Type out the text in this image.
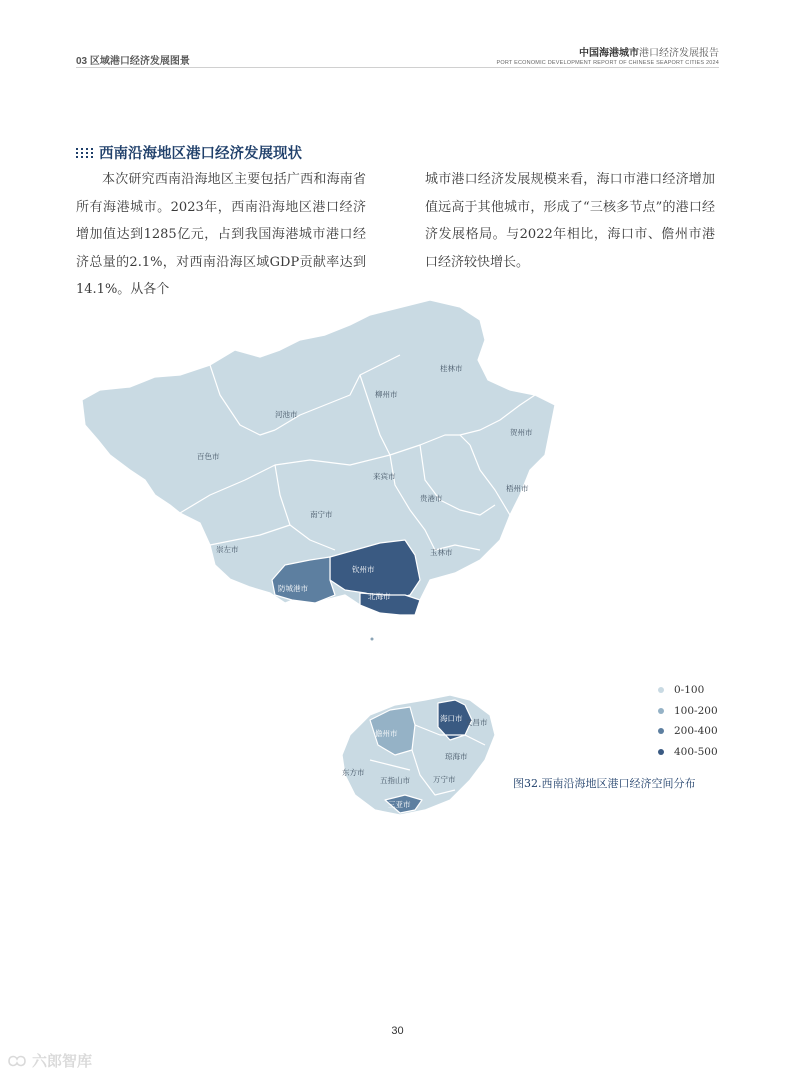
03 区域港口经济发展图景
中国海港城市港口经济发展报告
PORT ECONOMIC DEVELOPMENT REPORT OF CHINESE SEAPORT CITIES 2024
西南沿海地区港口经济发展现状

本次研究西南沿海地区主要包括广西和海南省所有海港城市。2023年，西南沿海地区港口经济增加值达到1285亿元，占到我国海港城市港口经济总量的2.1%，对西南沿海区域GDP贡献率达到14.1%。从各个

城市港口经济发展规模来看，海口市港口经济增加值远高于其他城市，形成了“三核多节点”的港口经济发展格局。与2022年相比，海口市、儋州市港口经济较快增长。

桂林市
柳州市
河池市
贺州市
百色市
来宾市
梧州市
贵港市
南宁市
崇左市	玉林市
钦州市
防城港市
北海市
海口市 文昌市
儋州市
琼海市
东方市
五指山市	万宁市
三亚市
0-100
100-200
200-400
400-500
图32.西南沿海地区港口经济空间分布
30
六郎智库
